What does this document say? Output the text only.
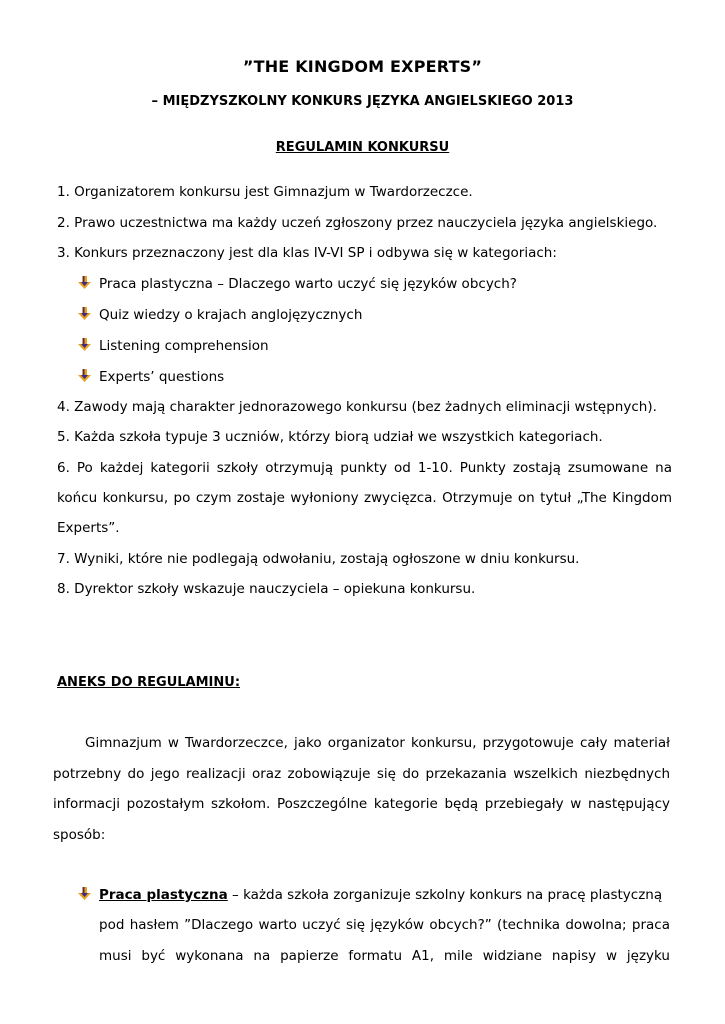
”THE KINGDOM EXPERTS”
– MIĘDZYSZKOLNY KONKURS JĘZYKA ANGIELSKIEGO 2013
REGULAMIN KONKURSU
1. Organizatorem konkursu jest Gimnazjum w Twardorzeczce.
2. Prawo uczestnictwa ma każdy uczeń zgłoszony przez nauczyciela języka angielskiego.
3. Konkurs przeznaczony jest dla klas IV-VI SP i odbywa się w kategoriach:
Praca plastyczna – Dlaczego warto uczyć się języków obcych?
Quiz wiedzy o krajach anglojęzycznych
Listening comprehension
Experts’ questions
4. Zawody mają charakter jednorazowego konkursu (bez żadnych eliminacji wstępnych).
5. Każda szkoła typuje 3 uczniów, którzy biorą udział we wszystkich kategoriach.
6. Po każdej kategorii szkoły otrzymują punkty od 1-10. Punkty zostają zsumowane na
końcu konkursu, po czym zostaje wyłoniony zwycięzca. Otrzymuje on tytuł „The Kingdom
Experts”.
7. Wyniki, które nie podlegają odwołaniu, zostają ogłoszone w dniu konkursu.
8. Dyrektor szkoły wskazuje nauczyciela – opiekuna konkursu.
ANEKS DO REGULAMINU:
Gimnazjum w Twardorzeczce, jako organizator konkursu, przygotowuje cały materiał
potrzebny do jego realizacji oraz zobowiązuje się do przekazania wszelkich niezbędnych
informacji pozostałym szkołom. Poszczególne kategorie będą przebiegały w następujący
sposób:
Praca plastyczna – każda szkoła zorganizuje szkolny konkurs na pracę plastyczną
pod hasłem ”Dlaczego warto uczyć się języków obcych?” (technika dowolna; praca
musi być wykonana na papierze formatu A1, mile widziane napisy w języku
